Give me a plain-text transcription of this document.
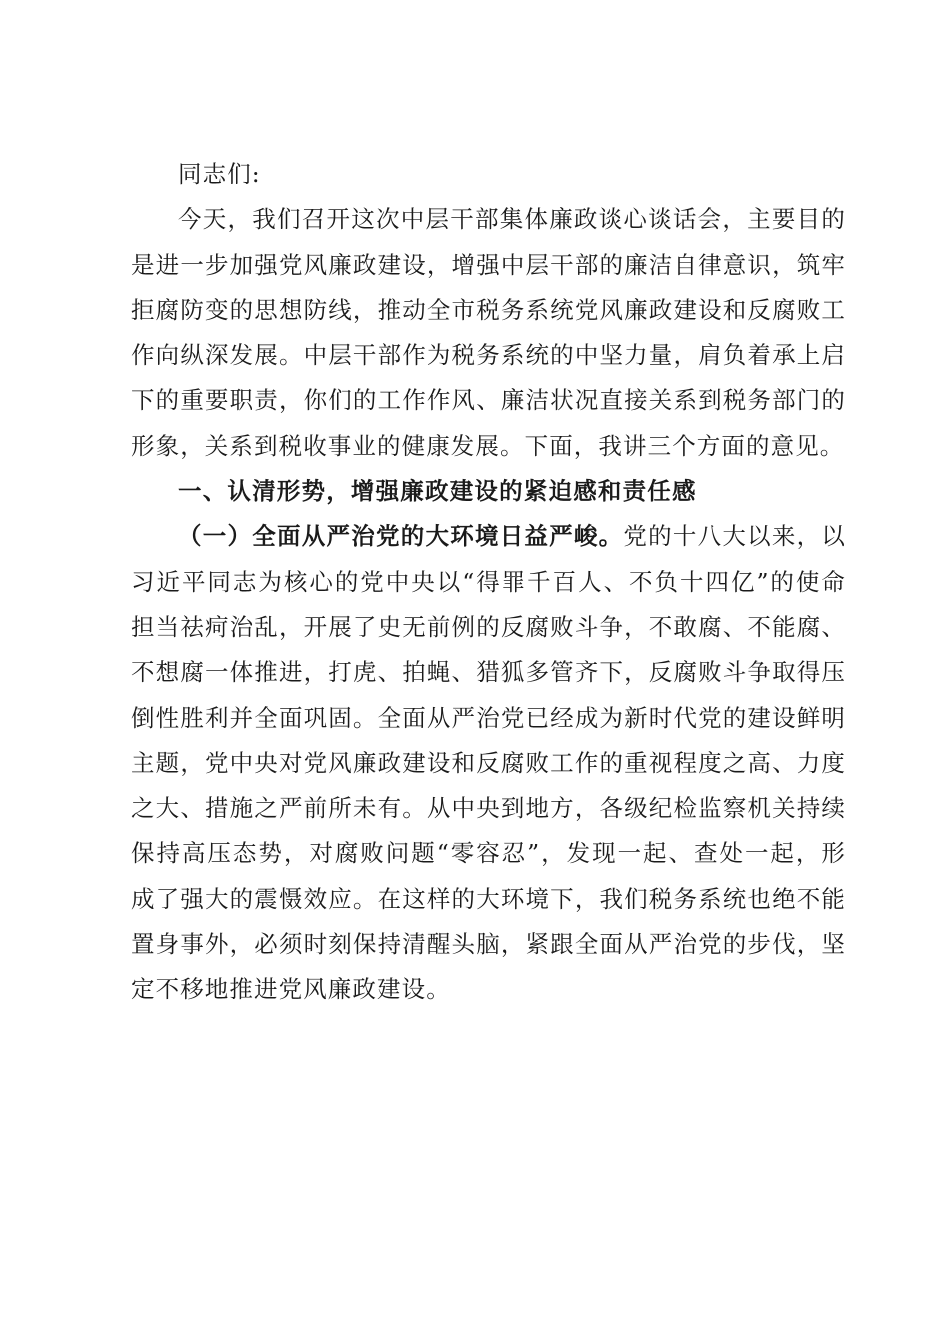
同志们:

今天，我们召开这次中层干部集体廉政谈心谈话会，主要目的是进一步加强党风廉政建设，增强中层干部的廉洁自律意识，筑牢拒腐防变的思想防线，推动全市税务系统党风廉政建设和反腐败工作向纵深发展。中层干部作为税务系统的中坚力量，肩负着承上启下的重要职责，你们的工作作风、廉洁状况直接关系到税务部门的形象，关系到税收事业的健康发展。下面，我讲三个方面的意见。

一、认清形势，增强廉政建设的紧迫感和责任感

（一）全面从严治党的大环境日益严峻。党的十八大以来，以习近平同志为核心的党中央以“得罪千百人、不负十四亿”的使命担当祛疴治乱，开展了史无前例的反腐败斗争，不敢腐、不能腐、不想腐一体推进，打虎、拍蝇、猎狐多管齐下，反腐败斗争取得压倒性胜利并全面巩固。全面从严治党已经成为新时代党的建设鲜明主题，党中央对党风廉政建设和反腐败工作的重视程度之高、力度之大、措施之严前所未有。从中央到地方，各级纪检监察机关持续保持高压态势，对腐败问题“零容忍”，发现一起、查处一起，形成了强大的震慑效应。在这样的大环境下，我们税务系统也绝不能置身事外，必须时刻保持清醒头脑，紧跟全面从严治党的步伐，坚定不移地推进党风廉政建设。
